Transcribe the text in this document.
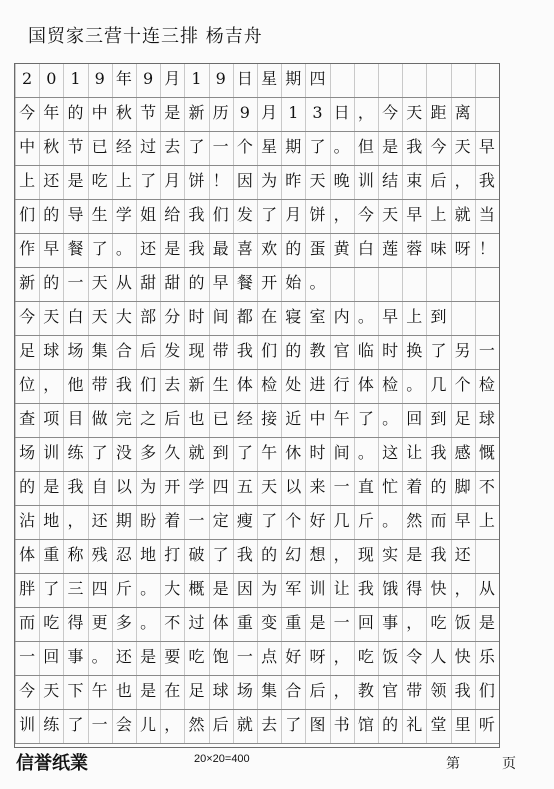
国贸家三营十连三排 杨吉舟
2 0 1 9 年 9 月 1 9 日 星 期 四
今 年 的 中 秋 节 是 新 历 9 月 1 3 日 ， 今 天 距 离
中 秋 节 已 经 过 去 了 一 个 星 期 了 。 但 是 我 今 天 早
上 还 是 吃 上 了 月 饼 ！ 因 为 昨 天 晚 训 结 束 后 ， 我
们 的 导 生 学 姐 给 我 们 发 了 月 饼 ， 今 天 早 上 就 当
作 早 餐 了 。 还 是 我 最 喜 欢 的 蛋 黄 白 莲 蓉 味 呀 ！
新 的 一 天 从 甜 甜 的 早 餐 开 始 。
今 天 白 天 大 部 分 时 间 都 在 寝 室 内 。 早 上 到
足 球 场 集 合 后 发 现 带 我 们 的 教 官 临 时 换 了 另 一
位 ， 他 带 我 们 去 新 生 体 检 处 进 行 体 检 。 几 个 检
查 项 目 做 完 之 后 也 已 经 接 近 中 午 了 。 回 到 足 球
场 训 练 了 没 多 久 就 到 了 午 休 时 间 。 这 让 我 感 慨
的 是 我 自 以 为 开 学 四 五 天 以 来 一 直 忙 着 的 脚 不
沾 地 ， 还 期 盼 着 一 定 瘦 了 个 好 几 斤 。 然 而 早 上
体 重 称 残 忍 地 打 破 了 我 的 幻 想 ， 现 实 是 我 还
胖 了 三 四 斤 。 大 概 是 因 为 军 训 让 我 饿 得 快 ， 从
而 吃 得 更 多 。 不 过 体 重 变 重 是 一 回 事 ， 吃 饭 是
一 回 事 。 还 是 要 吃 饱 一 点 好 呀 ， 吃 饭 令 人 快 乐
今 天 下 午 也 是 在 足 球 场 集 合 后 ， 教 官 带 领 我 们
训 练 了 一 会 儿 ， 然 后 就 去 了 图 书 馆 的 礼 堂 里 听
信誉纸業	20×20=400	第　　　页
